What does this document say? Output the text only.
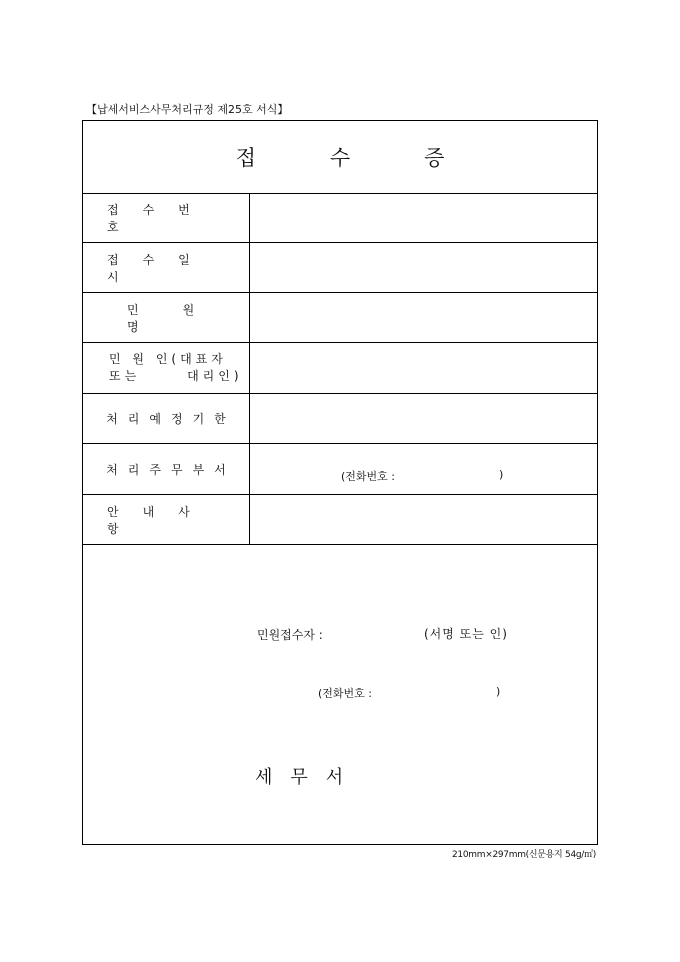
【납세서비스사무처리규정 제25호 서식】
접수증
접수번호
접수일시
민원명
민 원 인(대표자
또는      대리인)
처리예정기한
처리주무부서	(전화번호 :	)
안내사항
민원접수자 :	(서명 또는 인)
(전화번호 :	)
세무서
210mm×297mm(신문용지 54g/㎡)
